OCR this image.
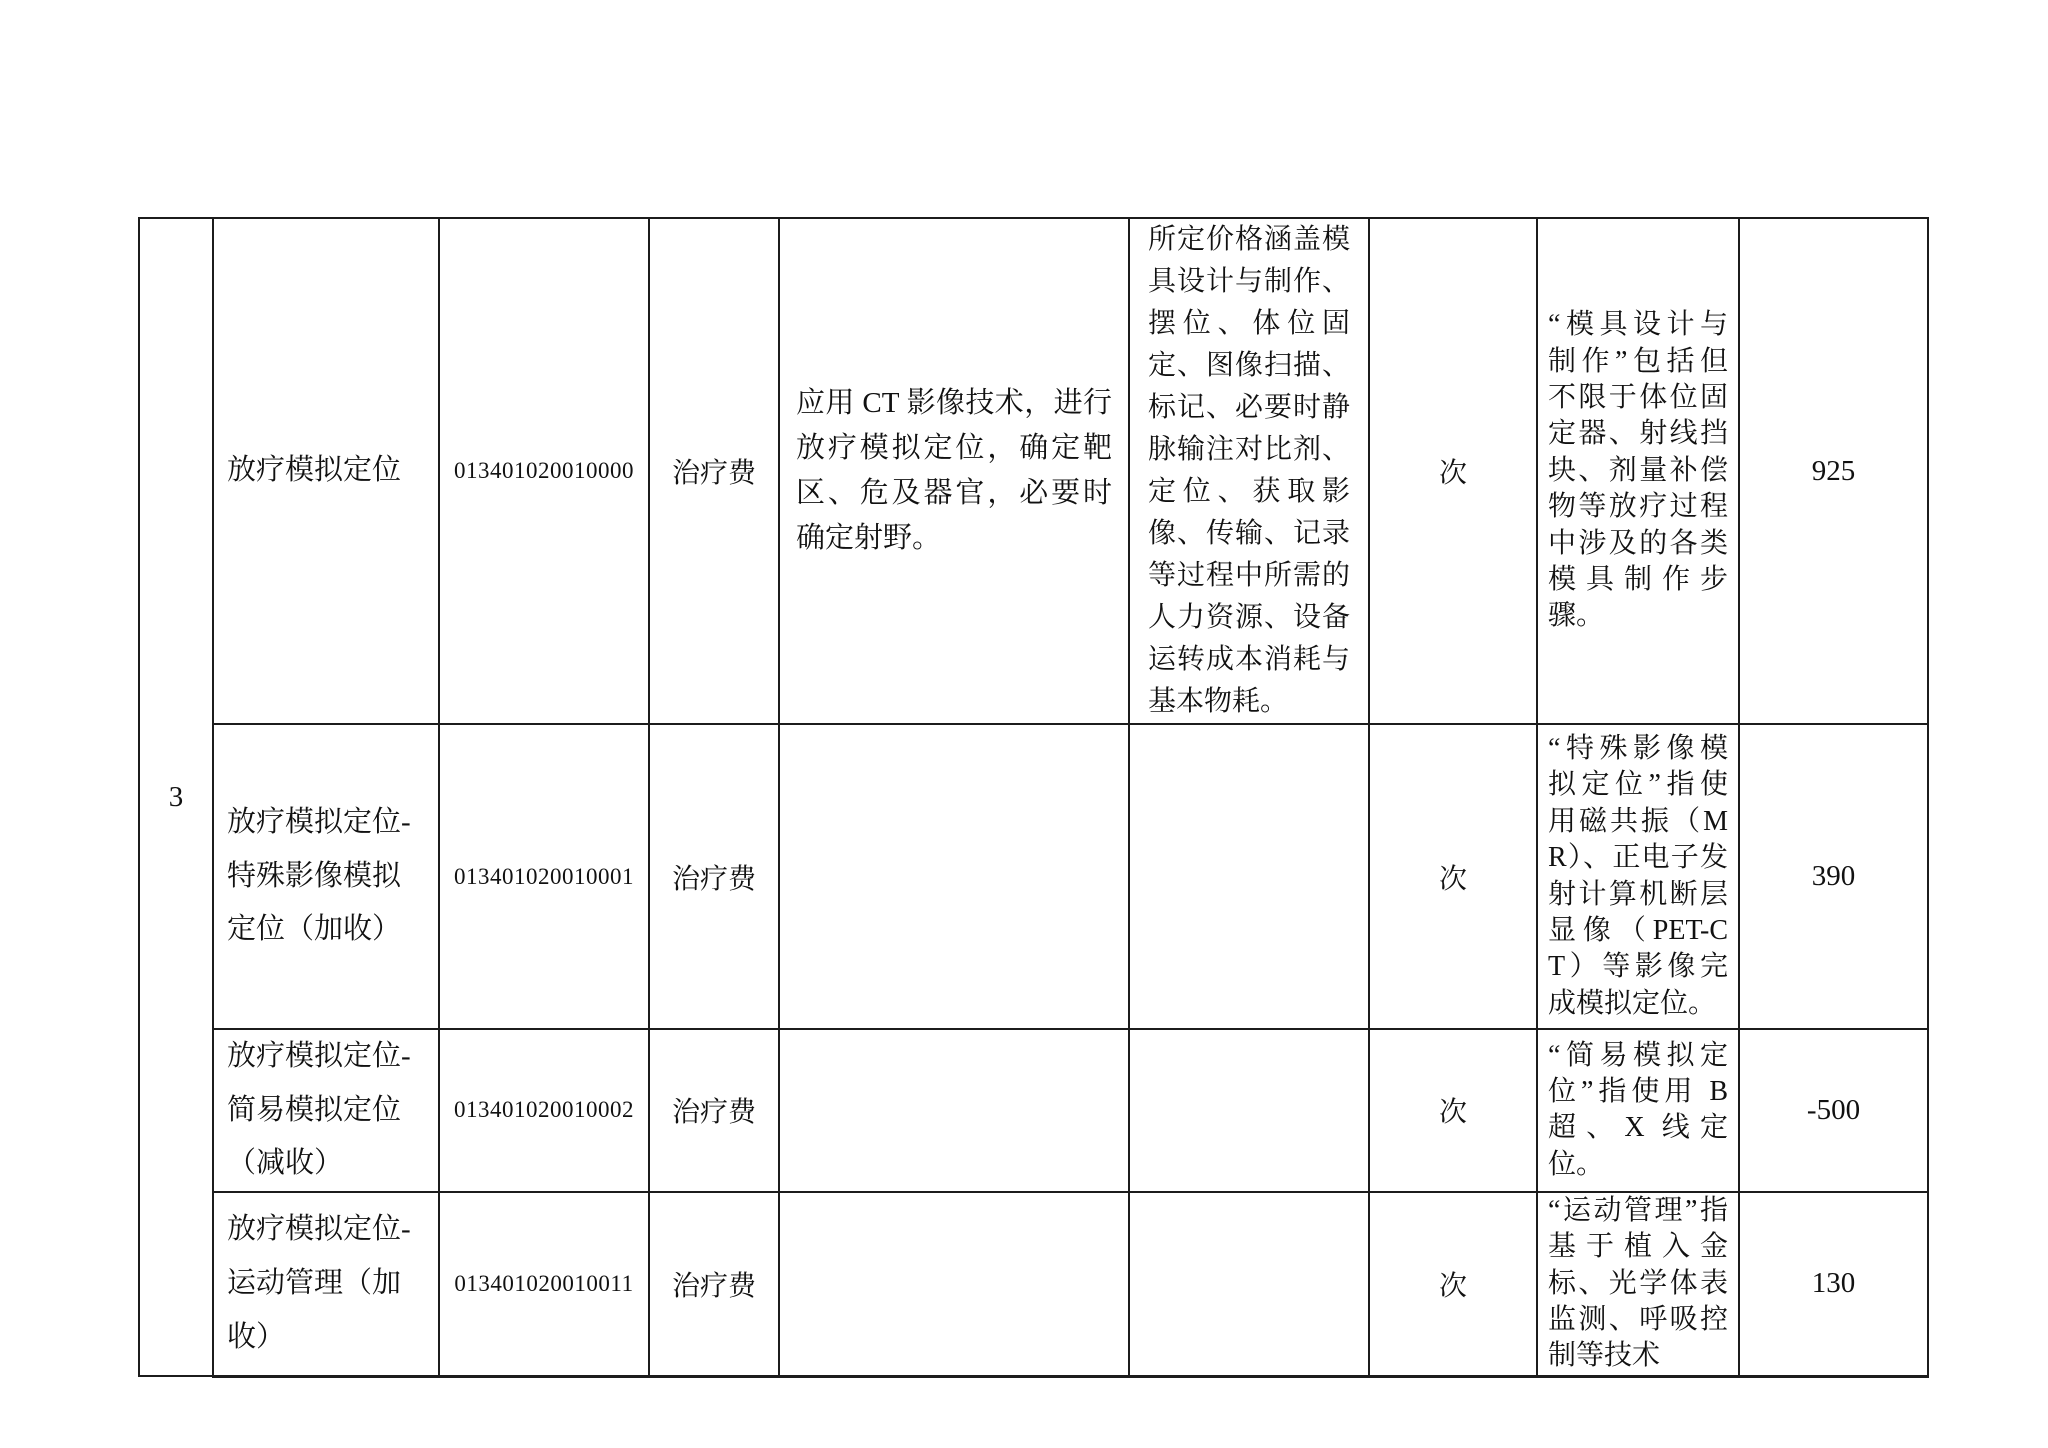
3	放疗模拟定位	013401020010000	治疗费	应用 CT 影像技术，进行放疗模拟定位，确定靶区、危及器官，必要时确定射野。	所定价格涵盖模具设计与制作、摆位、体位固定、图像扫描、标记、必要时静脉输注对比剂、定位、获取影像、传输、记录等过程中所需的人力资源、设备运转成本消耗与基本物耗。	次	“模具设计与制作”包括但不限于体位固定器、射线挡块、剂量补偿物等放疗过程中涉及的各类模具制作步骤。	925
	放疗模拟定位-特殊影像模拟定位（加收）	013401020010001	治疗费			次	“特殊影像模拟定位”指使用磁共振（MR）、正电子发射计算机断层显像（PET-CT）等影像完成模拟定位。	390
	放疗模拟定位-简易模拟定位（减收）	013401020010002	治疗费			次	“简易模拟定位”指使用 B 超、X 线定位。	-500
	放疗模拟定位-运动管理（加收）	013401020010011	治疗费			次	“运动管理”指基于植入金标、光学体表监测、呼吸控制等技术	130
